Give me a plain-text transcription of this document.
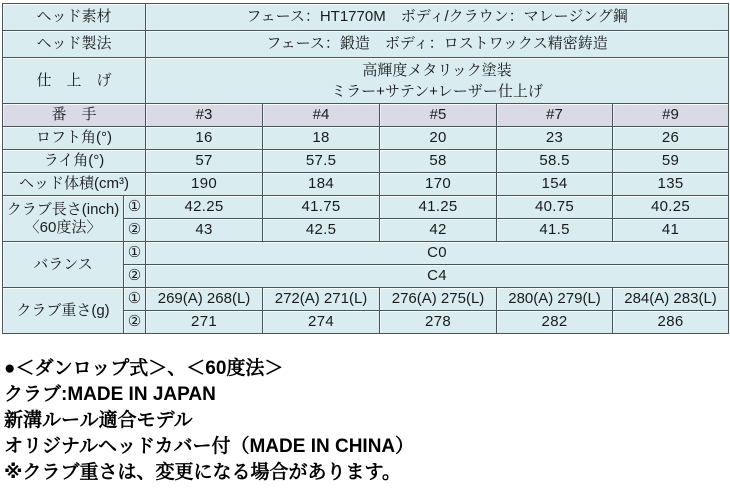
ヘッド素材		フェース：HT1770M　ボディ/クラウン：マレージング鋼				
ヘッド製法		フェース：鍛造　ボディ：ロストワックス精密鋳造				
仕　上　げ		高輝度メタリック塗装
ミラー+サテン+レーザー仕上げ				

番　手		#3	#4	#5	#7	#9
ロフト角(°)		16	18	20	23	26
ライ角(°)		57	57.5	58	58.5	59
ヘッド体積(cm³)		190	184	170	154	135

クラブ長さ(inch)
〈60度法〉	①	42.25	41.75	41.25	40.75	40.25
	②	43	42.5	42	41.5	41
バランス	①	C0				
	②	C4				
クラブ重さ(g)	①	269(A) 268(L)	272(A) 271(L)	276(A) 275(L)	280(A) 279(L)	284(A) 283(L)
	②	271	274	278	282	286
●＜ダンロップ式＞、＜60度法＞
クラブ:MADE IN JAPAN
新溝ルール適合モデル
オリジナルヘッドカバー付（MADE IN CHINA）
※クラブ重さは、変更になる場合があります。
